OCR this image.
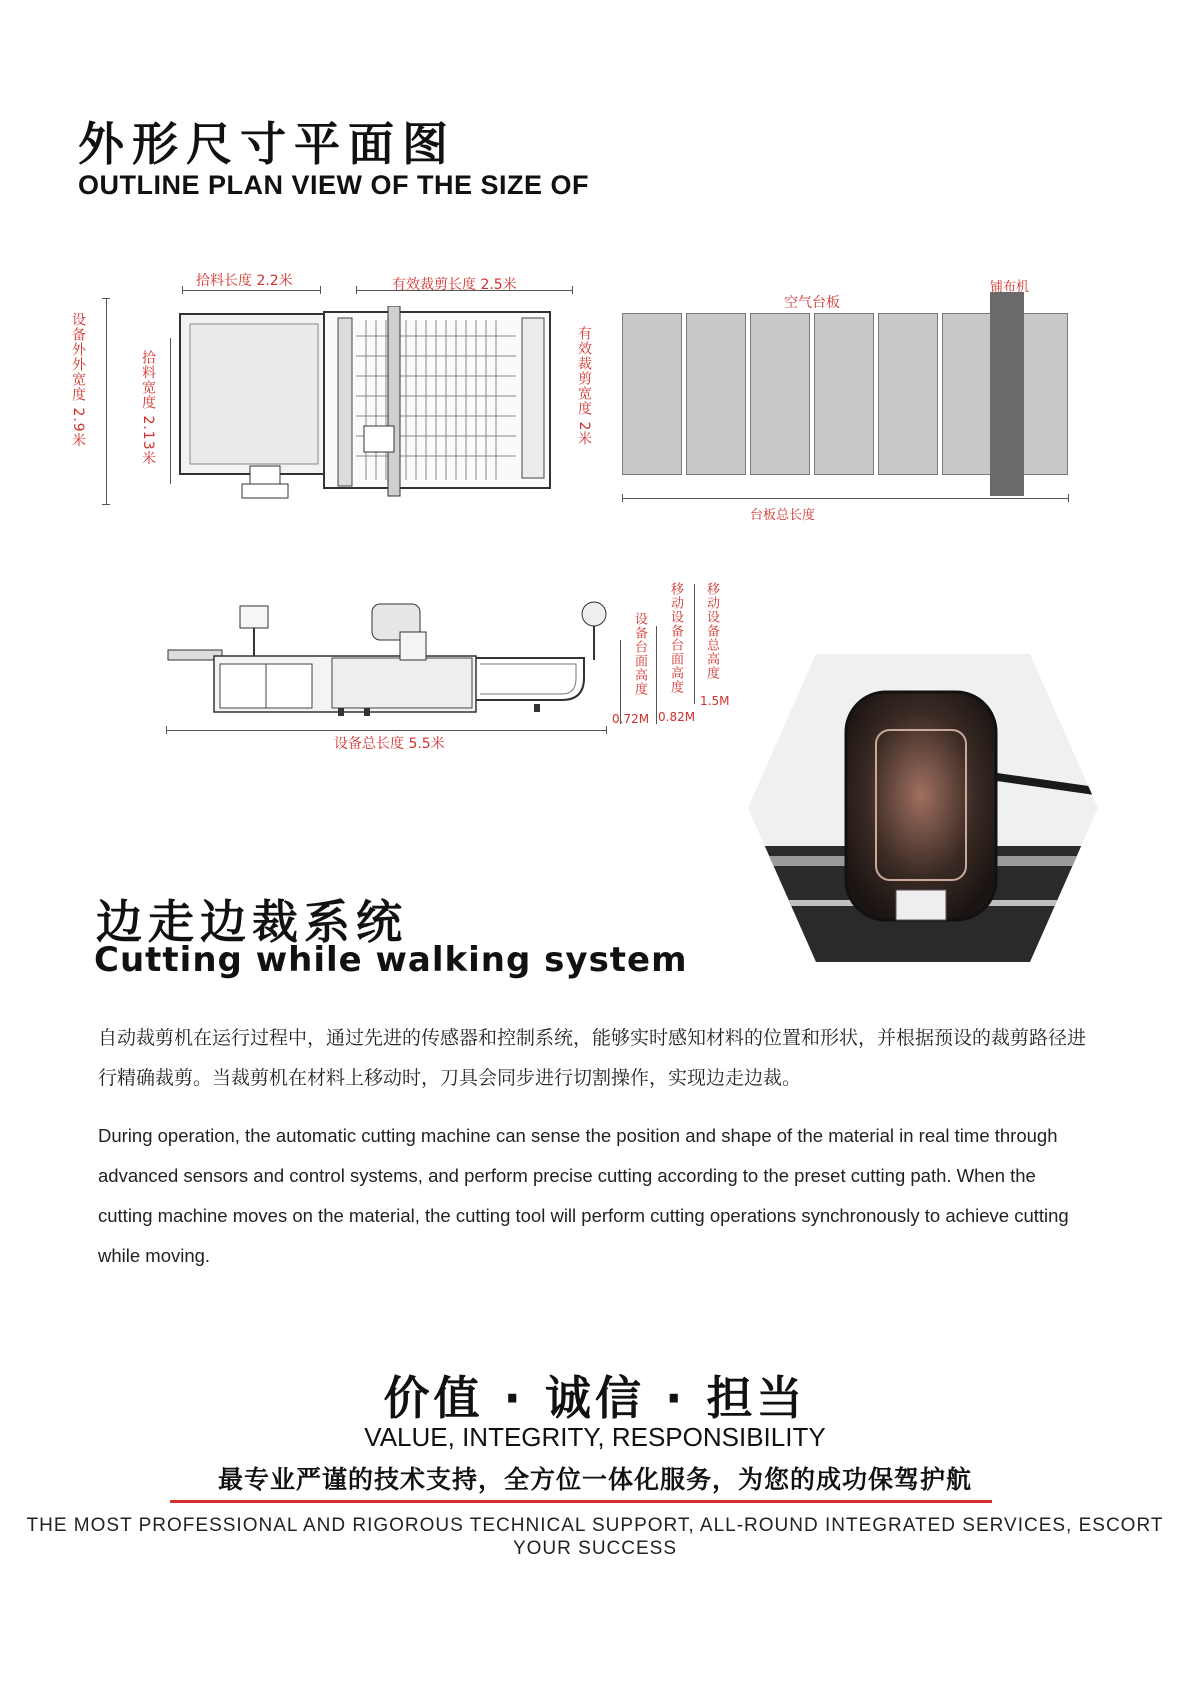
外形尺寸平面图
OUTLINE PLAN VIEW OF THE SIZE OF
设备外外宽度 2.9米	拾料宽度 2.13米
拾料长度 2.2米	有效裁剪长度 2.5米
有效裁剪宽度 2米
空气台板
铺布机
台板总长度
设备总长度 5.5米
设备台面高度
0.72M
移动设备台面高度
0.82M
移动设备总高度
1.5M
边走边裁系统
Cutting while walking system
自动裁剪机在运行过程中，通过先进的传感器和控制系统，能够实时感知材料的位置和形状，并根据预设的裁剪路径进行精确裁剪。当裁剪机在材料上移动时，刀具会同步进行切割操作，实现边走边裁。
During operation, the automatic cutting machine can sense the position and shape of the material in real time through advanced sensors and control systems, and perform precise cutting according to the preset cutting path. When the cutting machine moves on the material, the cutting tool will perform cutting operations synchronously to achieve cutting while moving.
价值 · 诚信 · 担当
VALUE, INTEGRITY, RESPONSIBILITY
最专业严谨的技术支持，全方位一体化服务，为您的成功保驾护航
THE MOST PROFESSIONAL AND RIGOROUS TECHNICAL SUPPORT, ALL-ROUND INTEGRATED SERVICES, ESCORT YOUR SUCCESS
